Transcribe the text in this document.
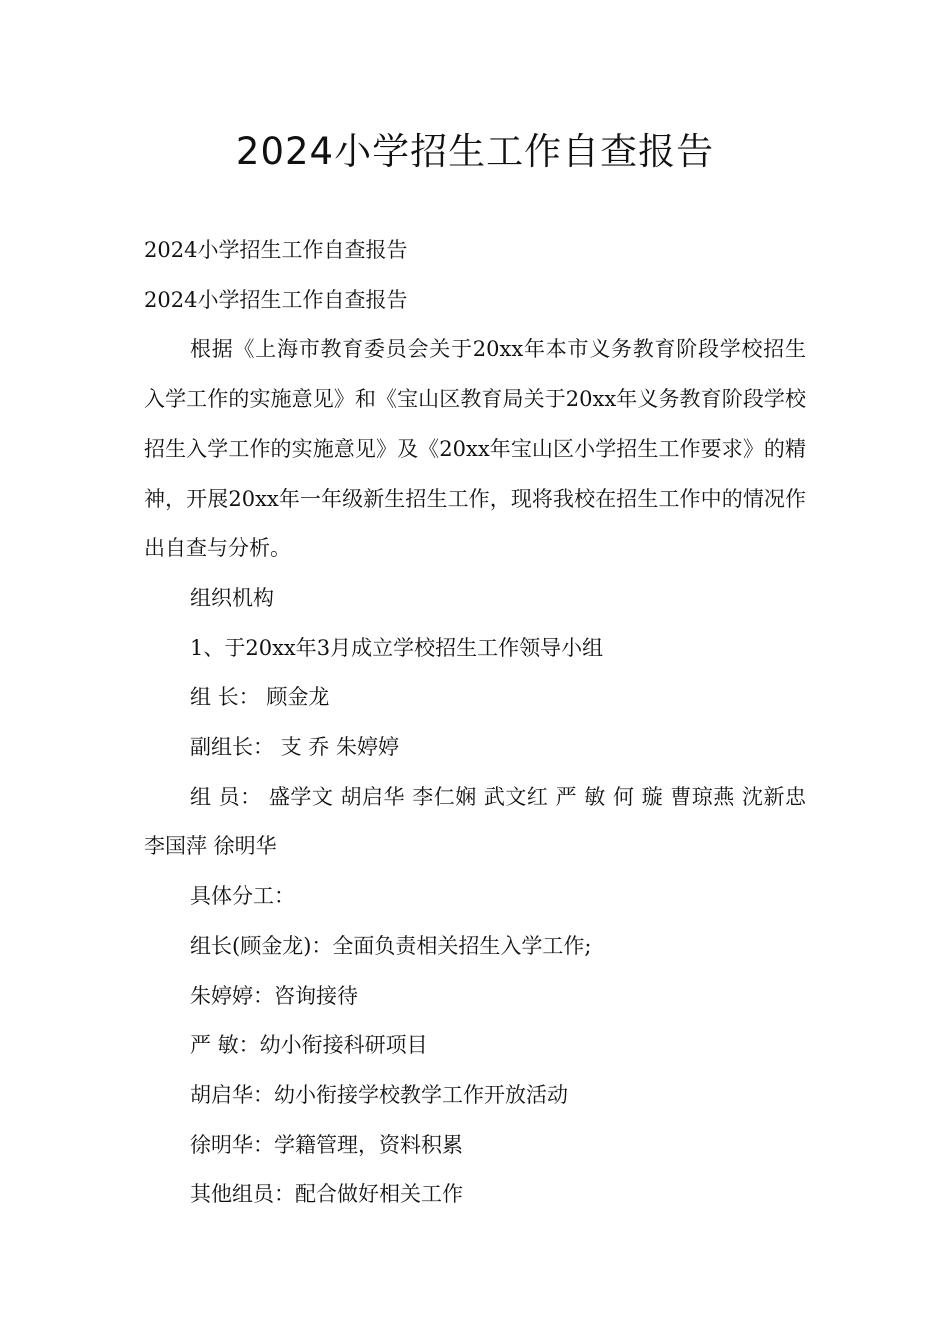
2024小学招生工作自查报告

2024小学招生工作自查报告

2024小学招生工作自查报告

根据《上海市教育委员会关于20xx年本市义务教育阶段学校招生入学工作的实施意见》和《宝山区教育局关于20xx年义务教育阶段学校招生入学工作的实施意见》及《20xx年宝山区小学招生工作要求》的精神，开展20xx年一年级新生招生工作，现将我校在招生工作中的情况作出自查与分析。

组织机构

1、于20xx年3月成立学校招生工作领导小组

组 长： 顾金龙

副组长： 支 乔 朱婷婷

组 员： 盛学文 胡启华 李仁娴 武文红 严 敏 何 璇 曹琼燕 沈新忠 李国萍 徐明华

具体分工：

组长(顾金龙)：全面负责相关招生入学工作;

朱婷婷：咨询接待

严 敏：幼小衔接科研项目

胡启华：幼小衔接学校教学工作开放活动

徐明华：学籍管理，资料积累

其他组员：配合做好相关工作
